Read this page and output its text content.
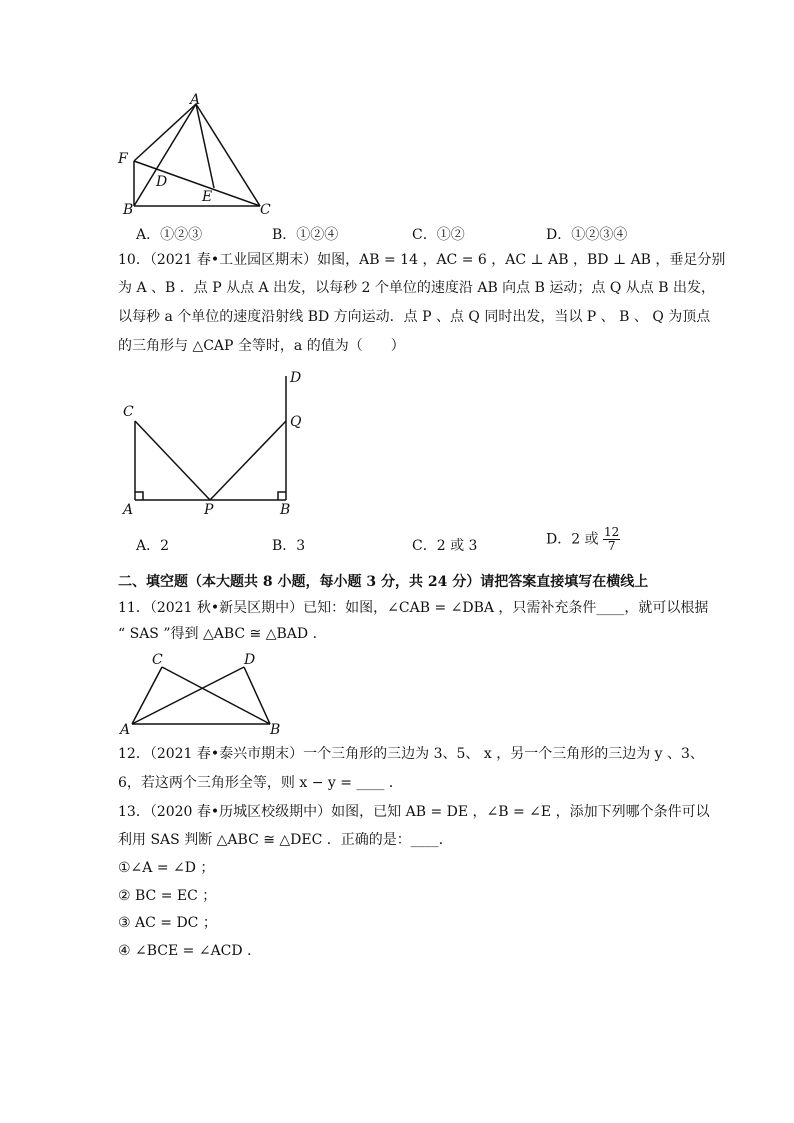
A
F
D
E
B	C
A．①②③	B．①②④	C．①②	D．①②③④
10．（2021 春•工业园区期末）如图，AB = 14 ，AC = 6 ，AC ⊥ AB ，BD ⊥ AB ，垂足分别
为 A 、B ．点 P 从点 A 出发，以每秒 2 个单位的速度沿 AB 向点 B 运动；点 Q 从点 B 出发，
以每秒 a 个单位的速度沿射线 BD 方向运动．点 P 、点 Q 同时出发，当以 P 、 B 、 Q 为顶点
的三角形与 △CAP 全等时，a 的值为（　　）
D
C
Q
A	P	B
A．2	B．3	C．2 或 3	D．2 或 $\frac{12}{7}$
二、填空题（本大题共 8 小题，每小题 3 分，共 24 分）请把答案直接填写在横线上
11．（2021 秋•新吴区期中）已知：如图，∠CAB = ∠DBA ，只需补充条件____，就可以根据
“ SAS ”得到 △ABC ≅ △BAD ．
C	D
A	B
12．（2021 春•泰兴市期末）一个三角形的三边为 3、5、 x ，另一个三角形的三边为 y 、3、
6，若这两个三角形全等，则 x − y = ____ ．
13．（2020 春•历城区校级期中）如图，已知 AB = DE ，∠B = ∠E ，添加下列哪个条件可以
利用 SAS 判断 △ABC ≅ △DEC ．正确的是：____．
①∠A = ∠D ；
② BC = EC ；
③ AC = DC ；
④ ∠BCE = ∠ACD ．
